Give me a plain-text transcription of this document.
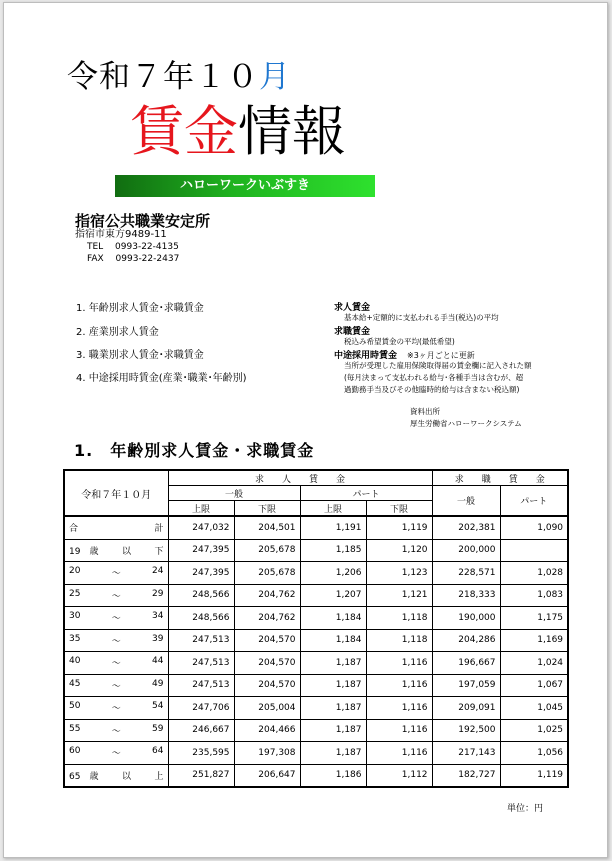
令和７年１０月
賃金情報
ハローワークいぶすき
指宿公共職業安定所
指宿市東方9489-11
TEL　 0993-22-4135
FAX　 0993-22-2437
1. 年齢別求人賃金･求職賃金
2. 産業別求人賃金
3. 職業別求人賃金･求職賃金
4. 中途採用時賃金(産業･職業･年齢別)
求人賃金
基本給+定額的に支払われる手当(税込)の平均
求職賃金
税込み希望賃金の平均(最低希望)
中途採用時賃金 ※3ヶ月ごとに更新
当所が受理した雇用保険取得届の賃金欄に記入された額
(毎月決まって支払われる給与･各種手当は含むが、超
過勤務手当及びその他臨時的給与は含まない税込額)
資料出所
厚生労働省ハローワークシステム
1.　年齢別求人賃金・求職賃金
令和７年１０月	求　　人　　賃　　金				求　　職　　賃　　金	
	一般		パート		一般	パート
	上限	下限	上限	下限		

合 計	247,032	204,501	1,191	1,119	202,381	1,090

19　歳 以 下	247,395	205,678	1,185	1,120	200,000	

20 ～ 24	247,395	205,678	1,206	1,123	228,571	1,028

25 ～ 29	248,566	204,762	1,207	1,121	218,333	1,083

30 ～ 34	248,566	204,762	1,184	1,118	190,000	1,175

35 ～ 39	247,513	204,570	1,184	1,118	204,286	1,169

40 ～ 44	247,513	204,570	1,187	1,116	196,667	1,024

45 ～ 49	247,513	204,570	1,187	1,116	197,059	1,067

50 ～ 54	247,706	205,004	1,187	1,116	209,091	1,045

55 ～ 59	246,667	204,466	1,187	1,116	192,500	1,025

60 ～ 64	235,595	197,308	1,187	1,116	217,143	1,056

65　歳 以 上	251,827	206,647	1,186	1,112	182,727	1,119
単位：円
